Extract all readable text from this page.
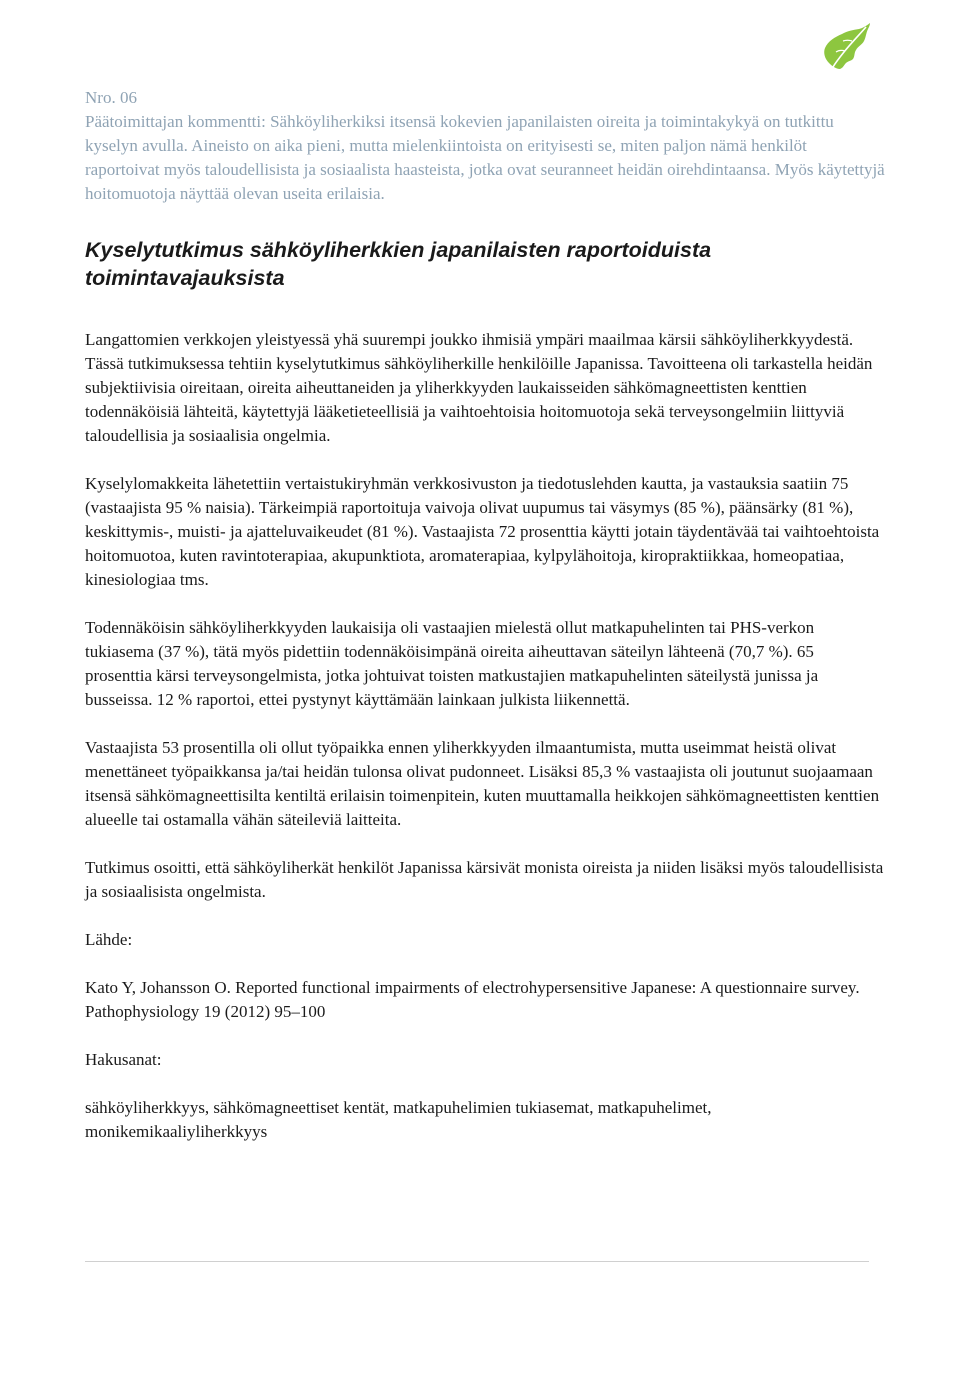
Nro. 06

Päätoimittajan kommentti: Sähköyliherkiksi itsensä kokevien japanilaisten oireita ja toimintakykyä on tutkittu kyselyn avulla. Aineisto on aika pieni, mutta mielenkiintoista on erityisesti se, miten paljon nämä henkilöt raportoivat myös taloudellisista ja sosiaalista haasteista, jotka ovat seuranneet heidän oirehdintaansa. Myös käytettyjä hoitomuotoja näyttää olevan useita erilaisia.

Kyselytutkimus sähköyliherkkien japanilaisten raportoiduista toimintavajauksista

Langattomien verkkojen yleistyessä yhä suurempi joukko ihmisiä ympäri maailmaa kärsii sähköyliherkkyydestä. Tässä tutkimuksessa tehtiin kyselytutkimus sähköyliherkille henkilöille Japanissa. Tavoitteena oli tarkastella heidän subjektiivisia oireitaan, oireita aiheuttaneiden ja yliherkkyyden laukaisseiden sähkömagneettisten kenttien todennäköisiä lähteitä, käytettyjä lääketieteellisiä ja vaihtoehtoisia hoitomuotoja sekä terveysongelmiin liittyviä taloudellisia ja sosiaalisia ongelmia.

Kyselylomakkeita lähetettiin vertaistukiryhmän verkkosivuston ja tiedotuslehden kautta, ja vastauksia saatiin 75 (vastaajista 95 % naisia). Tärkeimpiä raportoituja vaivoja olivat uupumus tai väsymys (85 %), päänsärky (81 %), keskittymis-, muisti- ja ajatteluvaikeudet (81 %). Vastaajista 72 prosenttia käytti jotain täydentävää tai vaihtoehtoista hoitomuotoa, kuten ravintoterapiaa, akupunktiota, aromaterapiaa, kylpylähoitoja, kiropraktiikkaa, homeopatiaa, kinesiologiaa tms.

Todennäköisin sähköyliherkkyyden laukaisija oli vastaajien mielestä ollut matkapuhelinten tai PHS-verkon tukiasema (37 %), tätä myös pidettiin todennäköisimpänä oireita aiheuttavan säteilyn lähteenä (70,7 %). 65 prosenttia kärsi terveysongelmista, jotka johtuivat toisten matkustajien matkapuhelinten säteilystä junissa ja busseissa. 12 % raportoi, ettei pystynyt käyttämään lainkaan julkista liikennettä.

Vastaajista 53 prosentilla oli ollut työpaikka ennen yliherkkyyden ilmaantumista, mutta useimmat heistä olivat menettäneet työpaikkansa ja/tai heidän tulonsa olivat pudonneet. Lisäksi 85,3 % vastaajista oli joutunut suojaamaan itsensä sähkömagneettisilta kentiltä erilaisin toimenpitein, kuten muuttamalla heikkojen sähkömagneettisten kenttien alueelle tai ostamalla vähän säteileviä laitteita.

Tutkimus osoitti, että sähköyliherkät henkilöt Japanissa kärsivät monista oireista ja niiden lisäksi myös taloudellisista ja sosiaalisista ongelmista.

Lähde:

Kato Y, Johansson O. Reported functional impairments of electrohypersensitive Japanese: A questionnaire survey. Pathophysiology 19 (2012) 95–100

Hakusanat:

sähköyliherkkyys, sähkömagneettiset kentät, matkapuhelimien tukiasemat, matkapuhelimet, monikemikaaliyliherkkyys
